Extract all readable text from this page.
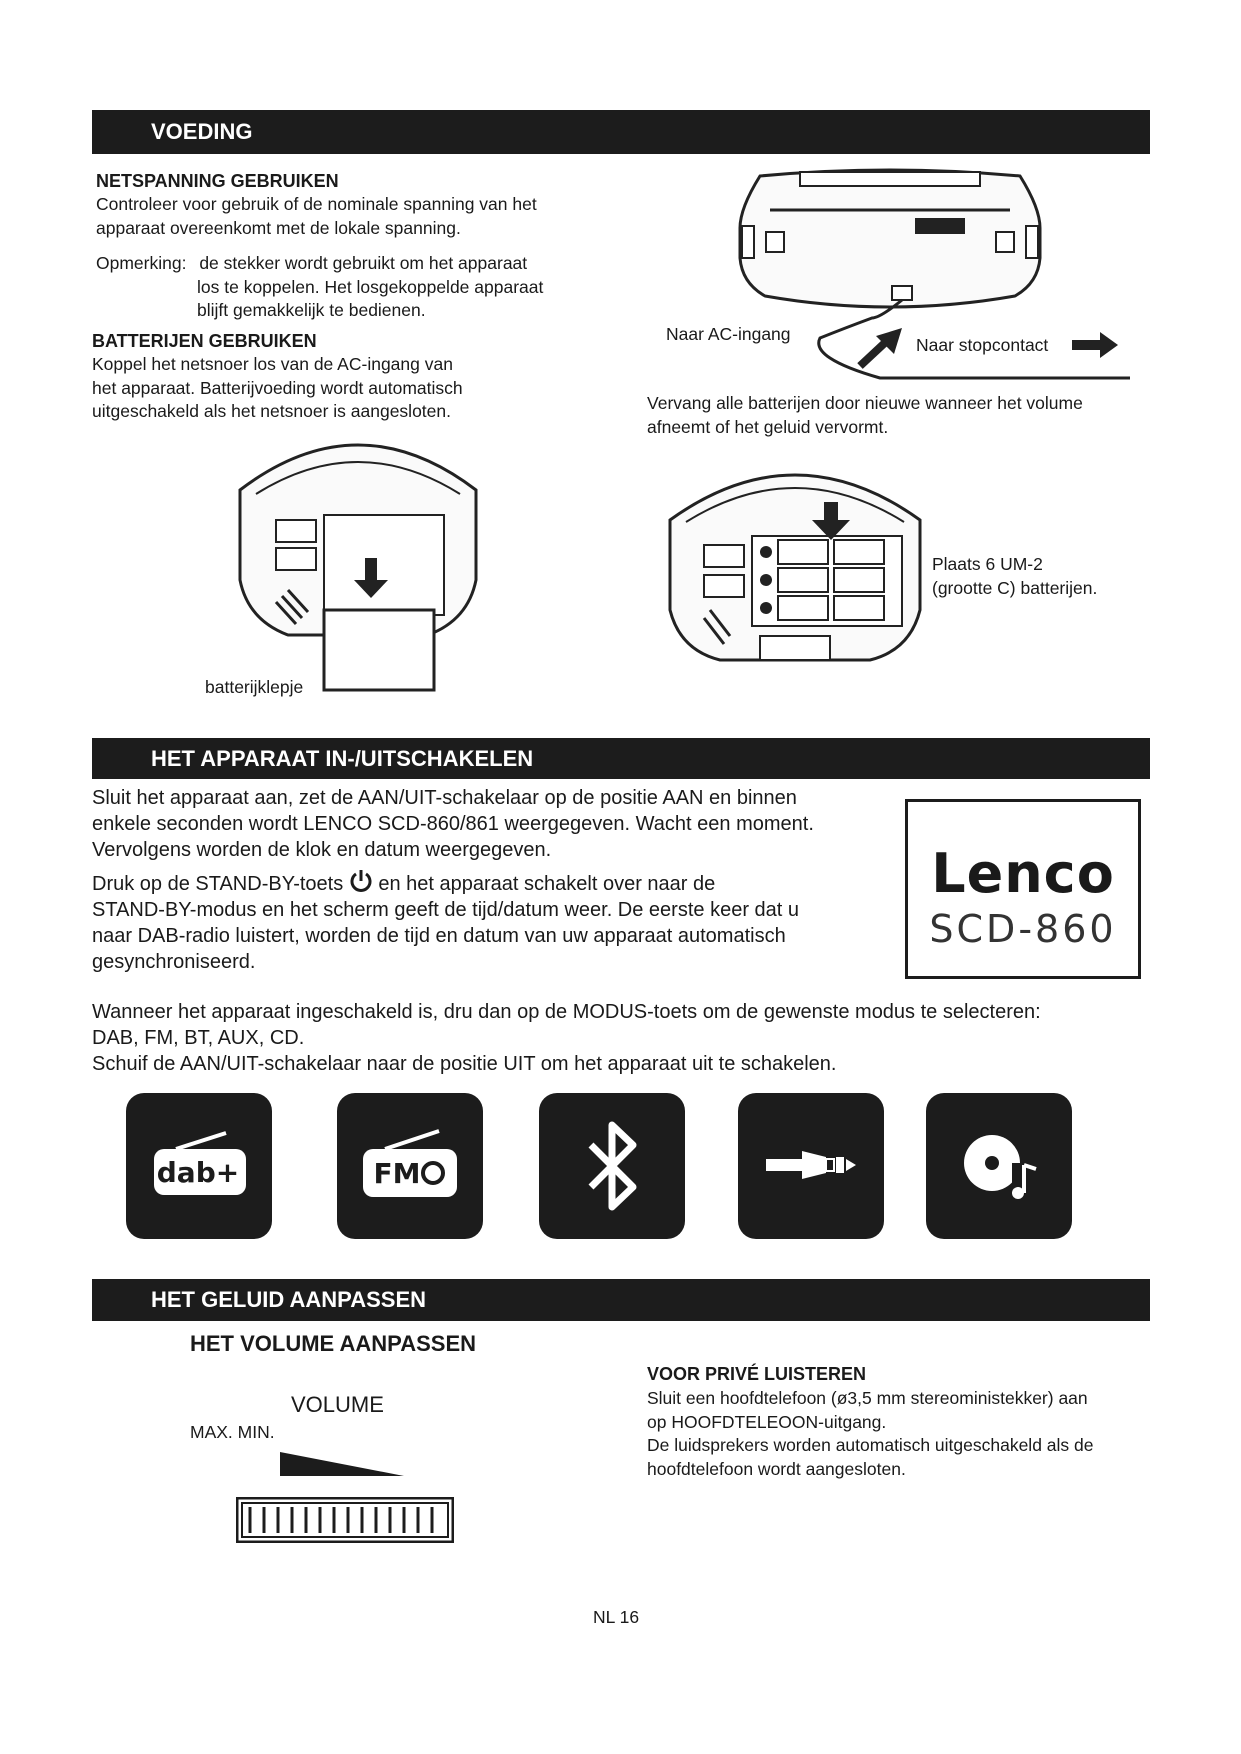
VOEDING
NETSPANNING GEBRUIKEN
Controleer voor gebruik of de nominale spanning van het
apparaat overeenkomt met de lokale spanning.
Opmerking: de stekker wordt gebruikt om het apparaat
los te koppelen. Het losgekoppelde apparaat
blijft gemakkelijk te bedienen.
BATTERIJEN GEBRUIKEN
Koppel het netsnoer los van de AC-ingang van
het apparaat. Batterijvoeding wordt automatisch
uitgeschakeld als het netsnoer is aangesloten.
Naar AC-ingang
Naar stopcontact
Vervang alle batterijen door nieuwe wanneer het volume
afneemt of het geluid vervormt.
batterijklepje
Plaats 6 UM-2
(grootte C) batterijen.
HET APPARAAT IN-/UITSCHAKELEN
Sluit het apparaat aan, zet de AAN/UIT-schakelaar op de positie AAN en binnen
enkele seconden wordt LENCO SCD-860/861 weergegeven. Wacht een moment.
Vervolgens worden de klok en datum weergegeven.
Druk op de STAND-BY-toets en het apparaat schakelt over naar de
STAND-BY-modus en het scherm geeft de tijd/datum weer. De eerste keer dat u
naar DAB-radio luistert, worden de tijd en datum van uw apparaat automatisch
gesynchroniseerd.
Lenco
SCD-860
Wanneer het apparaat ingeschakeld is, dru dan op de MODUS-toets om de gewenste modus te selecteren:
DAB, FM, BT, AUX, CD.
Schuif de AAN/UIT-schakelaar naar de positie UIT om het apparaat uit te schakelen.
dab+	FM
HET GELUID AANPASSEN
HET VOLUME AANPASSEN
VOLUME
MAX. MIN.
VOOR PRIVÉ LUISTEREN
Sluit een hoofdtelefoon (ø3,5 mm stereoministekker) aan
op HOOFDTELEOON-uitgang.
De luidsprekers worden automatisch uitgeschakeld als de
hoofdtelefoon wordt aangesloten.
NL 16
